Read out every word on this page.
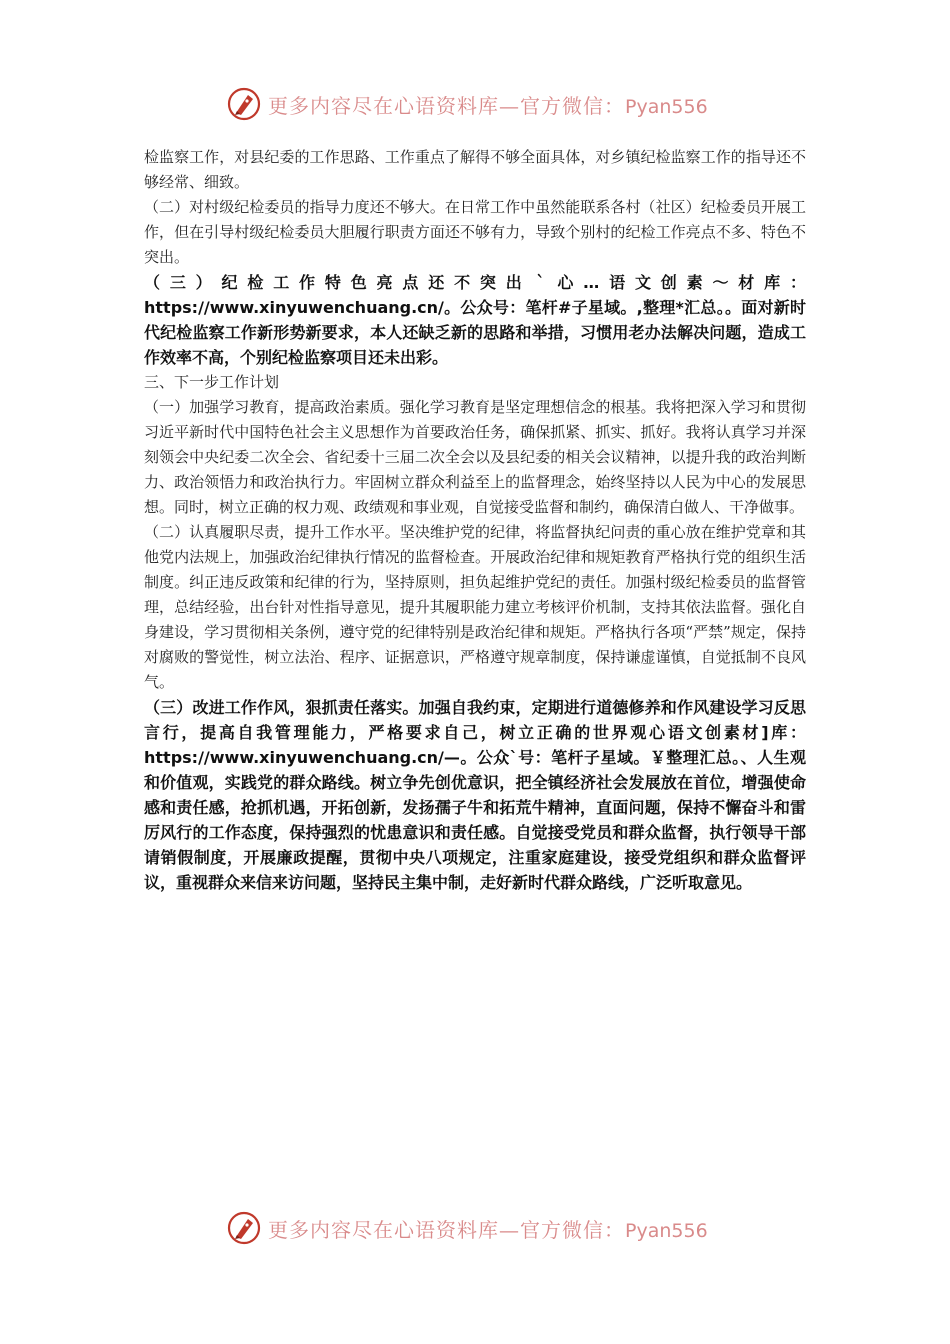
更多内容尽在心语资料库—官方微信：Pyan556

检监察工作，对县纪委的工作思路、工作重点了解得不够全面具体，对乡镇纪检监察工作的指导还不够经常、细致。

（二）对村级纪检委员的指导力度还不够大。在日常工作中虽然能联系各村（社区）纪检委员开展工作，但在引导村级纪检委员大胆履行职责方面还不够有力，导致个别村的纪检工作亮点不多、特色不突出。

（三）纪检工作特色亮点还不突出｀心…语文创素～材库：https://www.xinyuwenchuang.cn/。公众号：笔杆#子星域。,整理*汇总。。面对新时代纪检监察工作新形势新要求，本人还缺乏新的思路和举措，习惯用老办法解决问题，造成工作效率不高，个别纪检监察项目还未出彩。

三、下一步工作计划

（一）加强学习教育，提高政治素质。强化学习教育是坚定理想信念的根基。我将把深入学习和贯彻习近平新时代中国特色社会主义思想作为首要政治任务，确保抓紧、抓实、抓好。我将认真学习并深刻领会中央纪委二次全会、省纪委十三届二次全会以及县纪委的相关会议精神，以提升我的政治判断力、政治领悟力和政治执行力。牢固树立群众利益至上的监督理念，始终坚持以人民为中心的发展思想。同时，树立正确的权力观、政绩观和事业观，自觉接受监督和制约，确保清白做人、干净做事。

（二）认真履职尽责，提升工作水平。坚决维护党的纪律，将监督执纪问责的重心放在维护党章和其他党内法规上，加强政治纪律执行情况的监督检查。开展政治纪律和规矩教育严格执行党的组织生活制度。纠正违反政策和纪律的行为，坚持原则，担负起维护党纪的责任。加强村级纪检委员的监督管理，总结经验，出台针对性指导意见，提升其履职能力建立考核评价机制，支持其依法监督。强化自身建设，学习贯彻相关条例，遵守党的纪律特别是政治纪律和规矩。严格执行各项“严禁”规定，保持对腐败的警觉性，树立法治、程序、证据意识，严格遵守规章制度，保持谦虚谨慎，自觉抵制不良风气。

（三）改进工作作风，狠抓责任落实。加强自我约束，定期进行道德修养和作风建设学习反思言行，提高自我管理能力，严格要求自己，树立正确的世界观心语文创素材]库：https://www.xinyuwenchuang.cn/—。公众`号：笔杆子星域。￥整理汇总。、人生观和价值观，实践党的群众路线。树立争先创优意识，把全镇经济社会发展放在首位，增强使命感和责任感，抢抓机遇，开拓创新，发扬孺子牛和拓荒牛精神，直面问题，保持不懈奋斗和雷厉风行的工作态度，保持强烈的忧患意识和责任感。自觉接受党员和群众监督，执行领导干部请销假制度，开展廉政提醒，贯彻中央八项规定，注重家庭建设，接受党组织和群众监督评议，重视群众来信来访问题，坚持民主集中制，走好新时代群众路线，广泛听取意见。

更多内容尽在心语资料库—官方微信：Pyan556
